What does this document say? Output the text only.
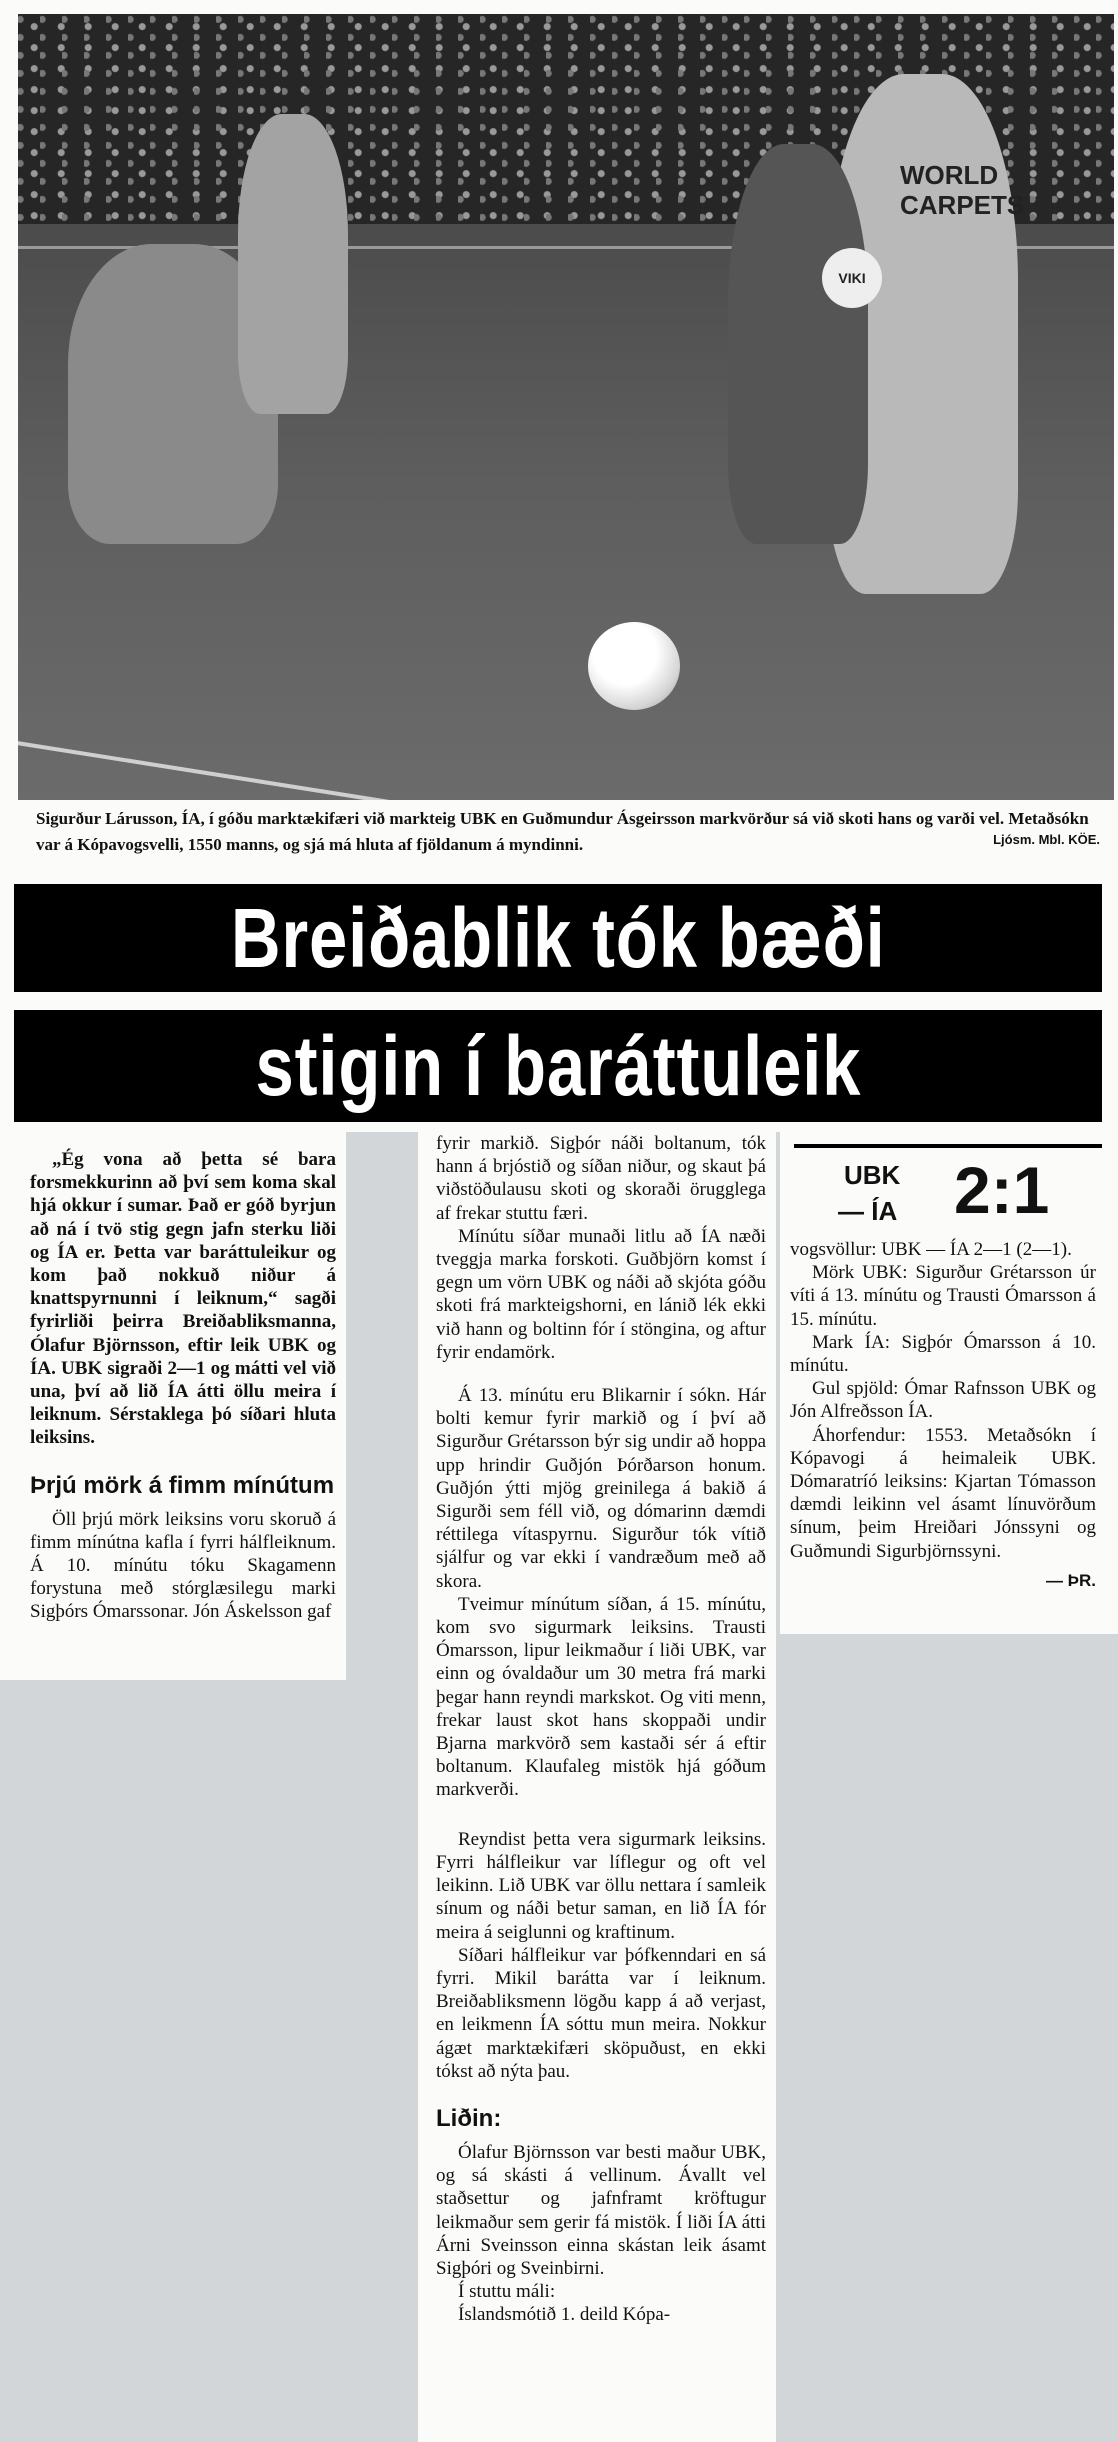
Sigurður Lárusson, ÍA, í góðu marktækifæri við markteig UBK en Guðmundur Ásgeirsson markvörður sá við skoti hans og varði vel. Metaðsókn var á Kópavogsvelli, 1550 manns, og sjá má hluta af fjöldanum á myndinni.	Ljósm. Mbl. KÖE.
Breiðablik tók bæði
stigin í baráttuleik

„Ég vona að þetta sé bara forsmekkurinn að því sem koma skal hjá okkur í sumar. Það er góð byrjun að ná í tvö stig gegn jafn sterku liði og ÍA er. Þetta var baráttuleikur og kom það nokkuð niður á knattspyrnunni í leiknum,“ sagði fyrirliði þeirra Breiðabliksmanna, Ólafur Björnsson, eftir leik UBK og ÍA. UBK sigraði 2—1 og mátti vel við una, því að lið ÍA átti öllu meira í leiknum. Sérstaklega þó síðari hluta leiksins.

Þrjú mörk á fimm mínútum

Öll þrjú mörk leiksins voru skoruð á fimm mínútna kafla í fyrri hálfleiknum. Á 10. mínútu tóku Skagamenn forystuna með stórglæsilegu marki Sigþórs Ómarssonar. Jón Áskelsson gaf

fyrir markið. Sigþór náði boltanum, tók hann á brjóstið og síðan niður, og skaut þá viðstöðulausu skoti og skoraði örugglega af frekar stuttu færi.

Mínútu síðar munaði litlu að ÍA næði tveggja marka forskoti. Guðbjörn komst í gegn um vörn UBK og náði að skjóta góðu skoti frá markteigshorni, en lánið lék ekki við hann og boltinn fór í stöngina, og aftur fyrir endamörk.

Á 13. mínútu eru Blikarnir í sókn. Hár bolti kemur fyrir markið og í því að Sigurður Grétarsson býr sig undir að hoppa upp hrindir Guðjón Þórðarson honum. Guðjón ýtti mjög greinilega á bakið á Sigurði sem féll við, og dómarinn dæmdi réttilega vítaspyrnu. Sigurður tók vítið sjálfur og var ekki í vandræðum með að skora.

Tveimur mínútum síðan, á 15. mínútu, kom svo sigurmark leiksins. Trausti Ómarsson, lipur leikmaður í liði UBK, var einn og óvaldaður um 30 metra frá marki þegar hann reyndi markskot. Og viti menn, frekar laust skot hans skoppaði undir Bjarna markvörð sem kastaði sér á eftir boltanum. Klaufaleg mistök hjá góðum markverði.

Reyndist þetta vera sigurmark leiksins. Fyrri hálfleikur var líflegur og oft vel leikinn. Lið UBK var öllu nettara í samleik sínum og náði betur saman, en lið ÍA fór meira á seiglunni og kraftinum.

Síðari hálfleikur var þófkenndari en sá fyrri. Mikil barátta var í leiknum. Breiðabliksmenn lögðu kapp á að verjast, en leikmenn ÍA sóttu mun meira. Nokkur ágæt marktækifæri sköpuðust, en ekki tókst að nýta þau.

Liðin:

Ólafur Björnsson var besti maður UBK, og sá skásti á vellinum. Ávallt vel staðsettur og jafnframt kröftugur leikmaður sem gerir fá mistök. Í liði ÍA átti Árni Sveinsson einna skástan leik ásamt Sigþóri og Sveinbirni.

Í stuttu máli:

Íslandsmótið 1. deild Kópa-

UBK
— ÍA 2:1

vogsvöllur: UBK — ÍA 2—1 (2—1).

Mörk UBK: Sigurður Grétarsson úr víti á 13. mínútu og Trausti Ómarsson á 15. mínútu.

Mark ÍA: Sigþór Ómarsson á 10. mínútu.

Gul spjöld: Ómar Rafnsson UBK og Jón Alfreðsson ÍA.

Áhorfendur: 1553. Metaðsókn í Kópavogi á heimaleik UBK. Dómaratríó leiksins: Kjartan Tómasson dæmdi leikinn vel ásamt línuvörðum sínum, þeim Hreiðari Jónssyni og Guðmundi Sigurbjörnssyni.

— ÞR.
WORLD CARPETS
VIKI
